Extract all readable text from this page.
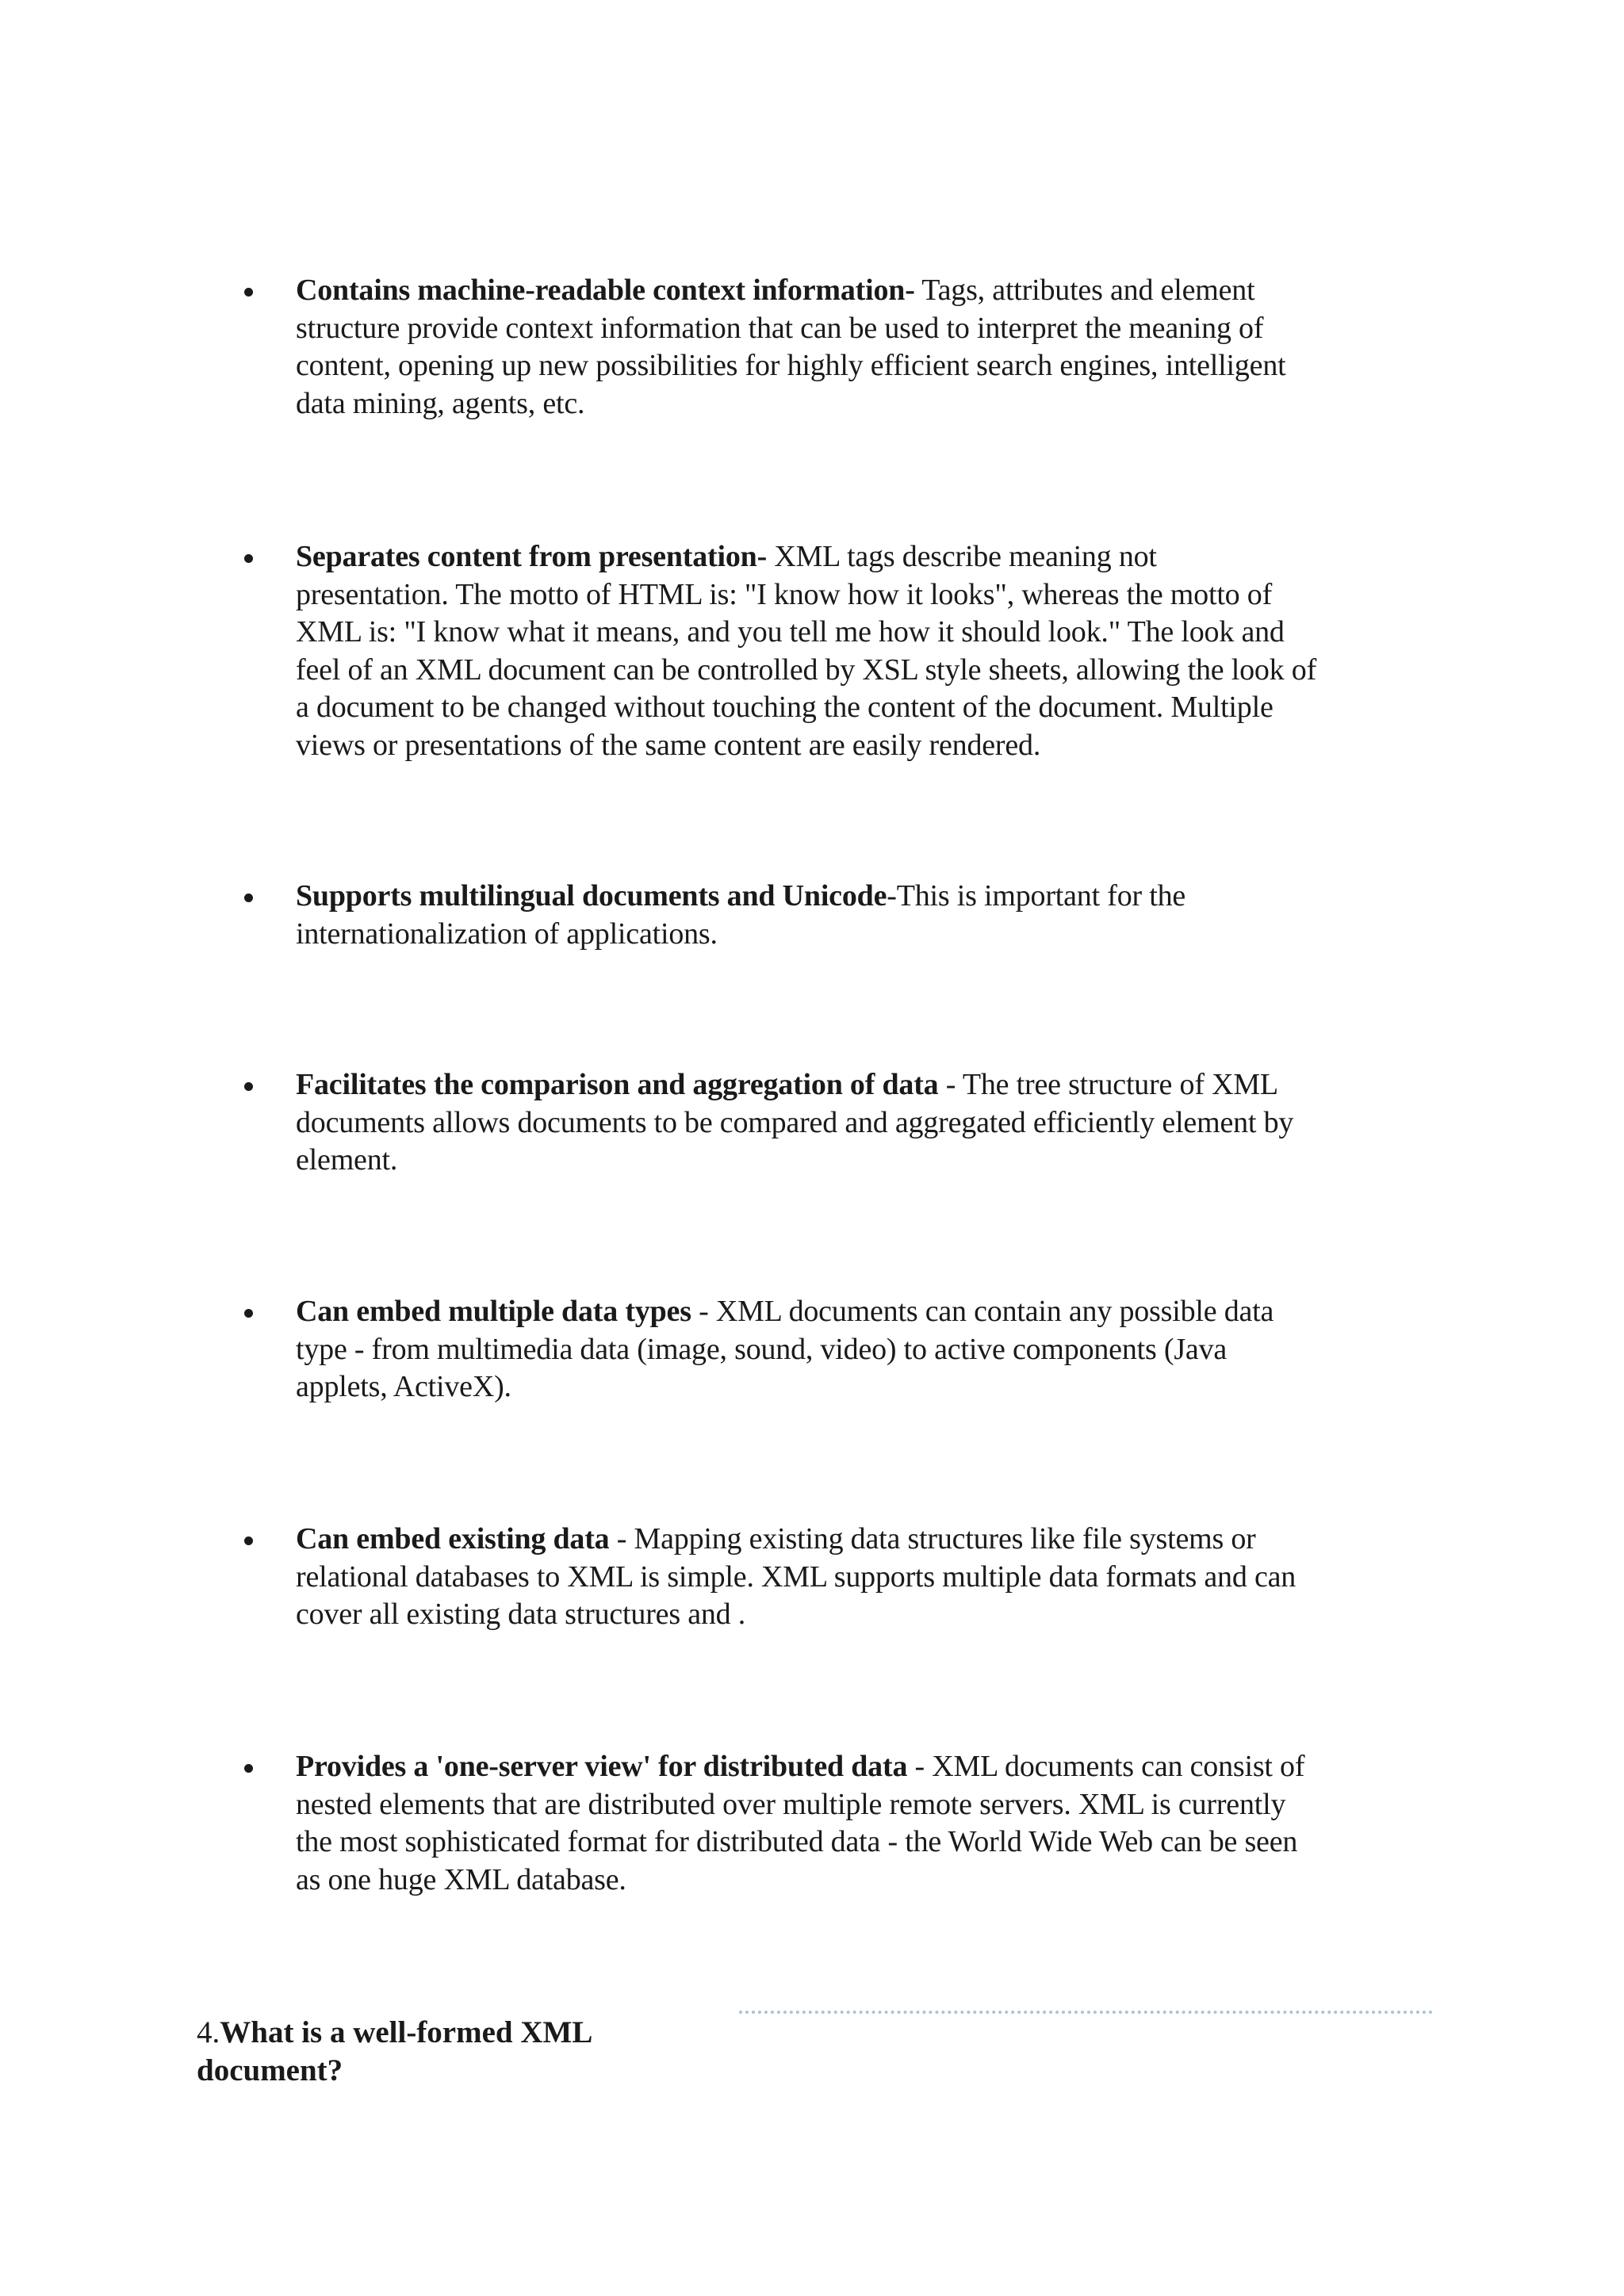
Contains machine-readable context information- Tags, attributes and element
structure provide context information that can be used to interpret the meaning of
content, opening up new possibilities for highly efficient search engines, intelligent
data mining, agents, etc.
Separates content from presentation- XML tags describe meaning not
presentation. The motto of HTML is: "I know how it looks", whereas the motto of
XML is: "I know what it means, and you tell me how it should look." The look and
feel of an XML document can be controlled by XSL style sheets, allowing the look of
a document to be changed without touching the content of the document. Multiple
views or presentations of the same content are easily rendered.
Supports multilingual documents and Unicode-This is important for the
internationalization of applications.
Facilitates the comparison and aggregation of data - The tree structure of XML
documents allows documents to be compared and aggregated efficiently element by
element.
Can embed multiple data types - XML documents can contain any possible data
type - from multimedia data (image, sound, video) to active components (Java
applets, ActiveX).
Can embed existing data - Mapping existing data structures like file systems or
relational databases to XML is simple. XML supports multiple data formats and can
cover all existing data structures and .
Provides a 'one-server view' for distributed data - XML documents can consist of
nested elements that are distributed over multiple remote servers. XML is currently
the most sophisticated format for distributed data - the World Wide Web can be seen
as one huge XML database.
4.What is a well-formed XML
document?
